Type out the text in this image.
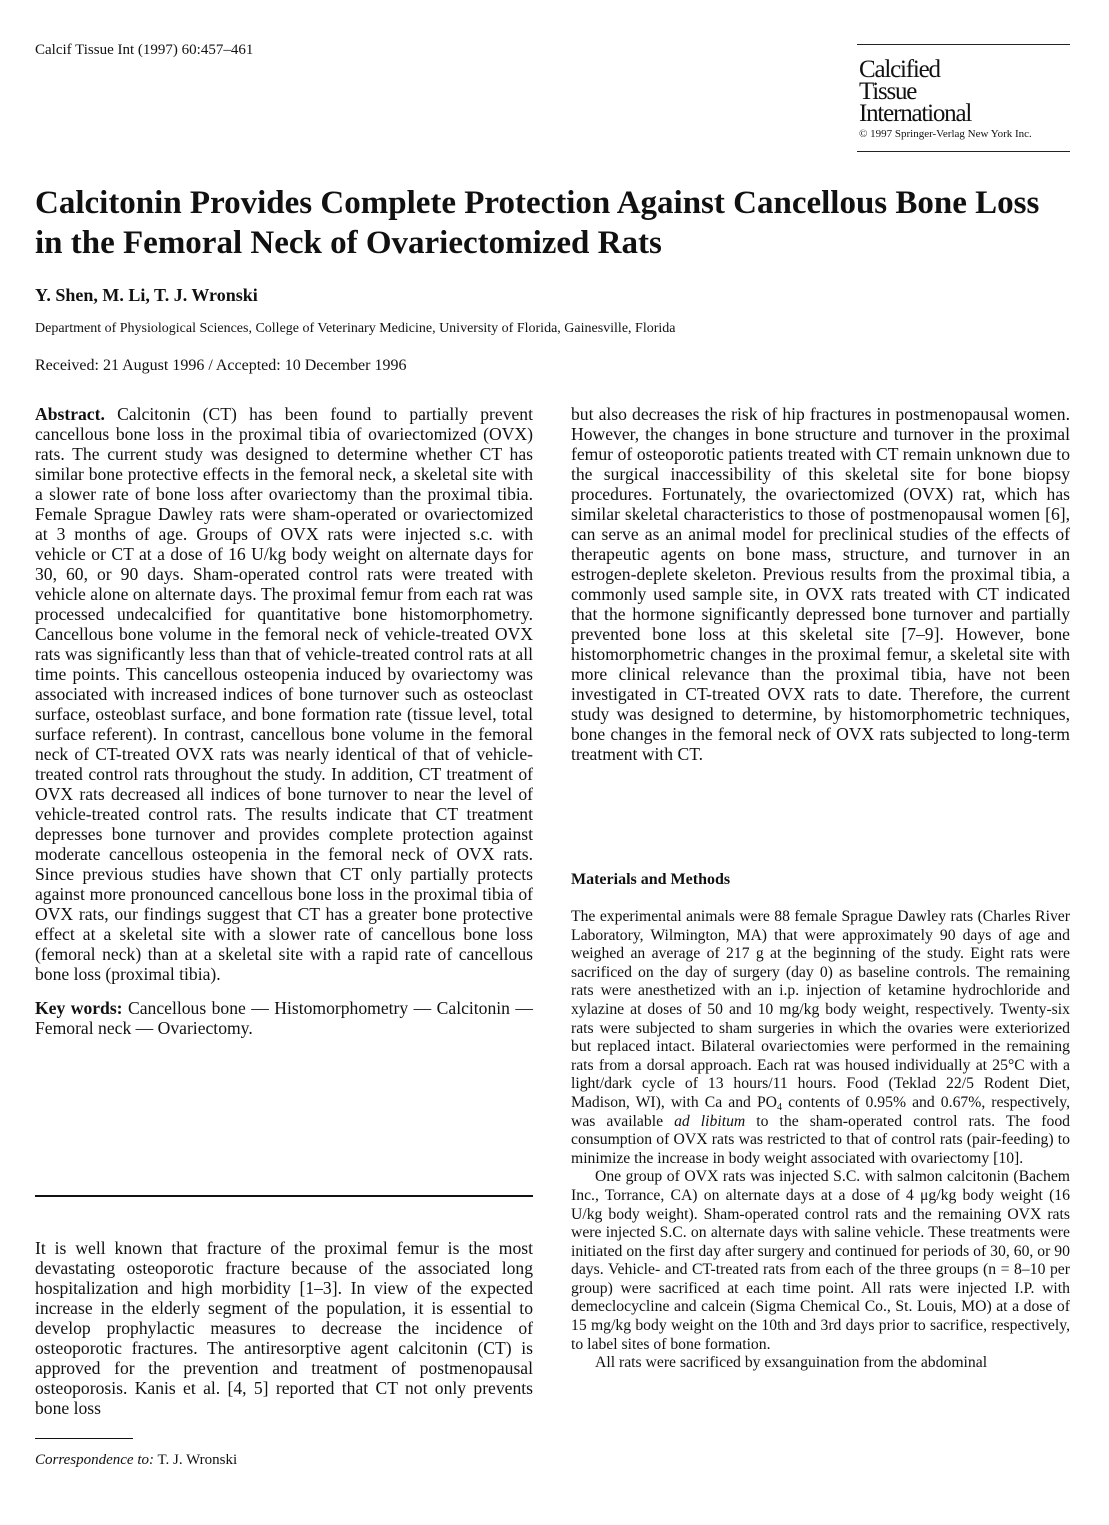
Calcif Tissue Int (1997) 60:457–461
Calcified
Tissue
International
© 1997 Springer-Verlag New York Inc.
Calcitonin Provides Complete Protection Against Cancellous Bone Loss in the Femoral Neck of Ovariectomized Rats
Y. Shen, M. Li, T. J. Wronski
Department of Physiological Sciences, College of Veterinary Medicine, University of Florida, Gainesville, Florida
Received: 21 August 1996 / Accepted: 10 December 1996

Abstract. Calcitonin (CT) has been found to partially prevent cancellous bone loss in the proximal tibia of ovariectomized (OVX) rats. The current study was designed to determine whether CT has similar bone protective effects in the femoral neck, a skeletal site with a slower rate of bone loss after ovariectomy than the proximal tibia. Female Sprague Dawley rats were sham-operated or ovariectomized at 3 months of age. Groups of OVX rats were injected s.c. with vehicle or CT at a dose of 16 U/kg body weight on alternate days for 30, 60, or 90 days. Sham-operated control rats were treated with vehicle alone on alternate days. The proximal femur from each rat was processed undecalcified for quantitative bone histomorphometry. Cancellous bone volume in the femoral neck of vehicle-treated OVX rats was significantly less than that of vehicle-treated control rats at all time points. This cancellous osteopenia induced by ovariectomy was associated with increased indices of bone turnover such as osteoclast surface, osteoblast surface, and bone formation rate (tissue level, total surface referent). In contrast, cancellous bone volume in the femoral neck of CT-treated OVX rats was nearly identical of that of vehicle-treated control rats throughout the study. In addition, CT treatment of OVX rats decreased all indices of bone turnover to near the level of vehicle-treated control rats. The results indicate that CT treatment depresses bone turnover and provides complete protection against moderate cancellous osteopenia in the femoral neck of OVX rats. Since previous studies have shown that CT only partially protects against more pronounced cancellous bone loss in the proximal tibia of OVX rats, our findings suggest that CT has a greater bone protective effect at a skeletal site with a slower rate of cancellous bone loss (femoral neck) than at a skeletal site with a rapid rate of cancellous bone loss (proximal tibia).

Key words: Cancellous bone — Histomorphometry — Calcitonin — Femoral neck — Ovariectomy.

It is well known that fracture of the proximal femur is the most devastating osteoporotic fracture because of the associated long hospitalization and high morbidity [1–3]. In view of the expected increase in the elderly segment of the population, it is essential to develop prophylactic measures to decrease the incidence of osteoporotic fractures. The antiresorptive agent calcitonin (CT) is approved for the prevention and treatment of postmenopausal osteoporosis. Kanis et al. [4, 5] reported that CT not only prevents bone loss

Correspondence to: T. J. Wronski

but also decreases the risk of hip fractures in postmenopausal women. However, the changes in bone structure and turnover in the proximal femur of osteoporotic patients treated with CT remain unknown due to the surgical inaccessibility of this skeletal site for bone biopsy procedures. Fortunately, the ovariectomized (OVX) rat, which has similar skeletal characteristics to those of postmenopausal women [6], can serve as an animal model for preclinical studies of the effects of therapeutic agents on bone mass, structure, and turnover in an estrogen-deplete skeleton. Previous results from the proximal tibia, a commonly used sample site, in OVX rats treated with CT indicated that the hormone significantly depressed bone turnover and partially prevented bone loss at this skeletal site [7–9]. However, bone histomorphometric changes in the proximal femur, a skeletal site with more clinical relevance than the proximal tibia, have not been investigated in CT-treated OVX rats to date. Therefore, the current study was designed to determine, by histomorphometric techniques, bone changes in the femoral neck of OVX rats subjected to long-term treatment with CT.

Materials and Methods

The experimental animals were 88 female Sprague Dawley rats (Charles River Laboratory, Wilmington, MA) that were approximately 90 days of age and weighed an average of 217 g at the beginning of the study. Eight rats were sacrificed on the day of surgery (day 0) as baseline controls. The remaining rats were anesthetized with an i.p. injection of ketamine hydrochloride and xylazine at doses of 50 and 10 mg/kg body weight, respectively. Twenty-six rats were subjected to sham surgeries in which the ovaries were exteriorized but replaced intact. Bilateral ovariectomies were performed in the remaining rats from a dorsal approach. Each rat was housed individually at 25°C with a light/dark cycle of 13 hours/11 hours. Food (Teklad 22/5 Rodent Diet, Madison, WI), with Ca and $PO_4$ contents of 0.95% and 0.67%, respectively, was available ad libitum to the sham-operated control rats. The food consumption of OVX rats was restricted to that of control rats (pair-feeding) to minimize the increase in body weight associated with ovariectomy [10].

One group of OVX rats was injected S.C. with salmon calcitonin (Bachem Inc., Torrance, CA) on alternate days at a dose of 4 μg/kg body weight (16 U/kg body weight). Sham-operated control rats and the remaining OVX rats were injected S.C. on alternate days with saline vehicle. These treatments were initiated on the first day after surgery and continued for periods of 30, 60, or 90 days. Vehicle- and CT-treated rats from each of the three groups (n = 8–10 per group) were sacrificed at each time point. All rats were injected I.P. with demeclocycline and calcein (Sigma Chemical Co., St. Louis, MO) at a dose of 15 mg/kg body weight on the 10th and 3rd days prior to sacrifice, respectively, to label sites of bone formation.

All rats were sacrificed by exsanguination from the abdominal
